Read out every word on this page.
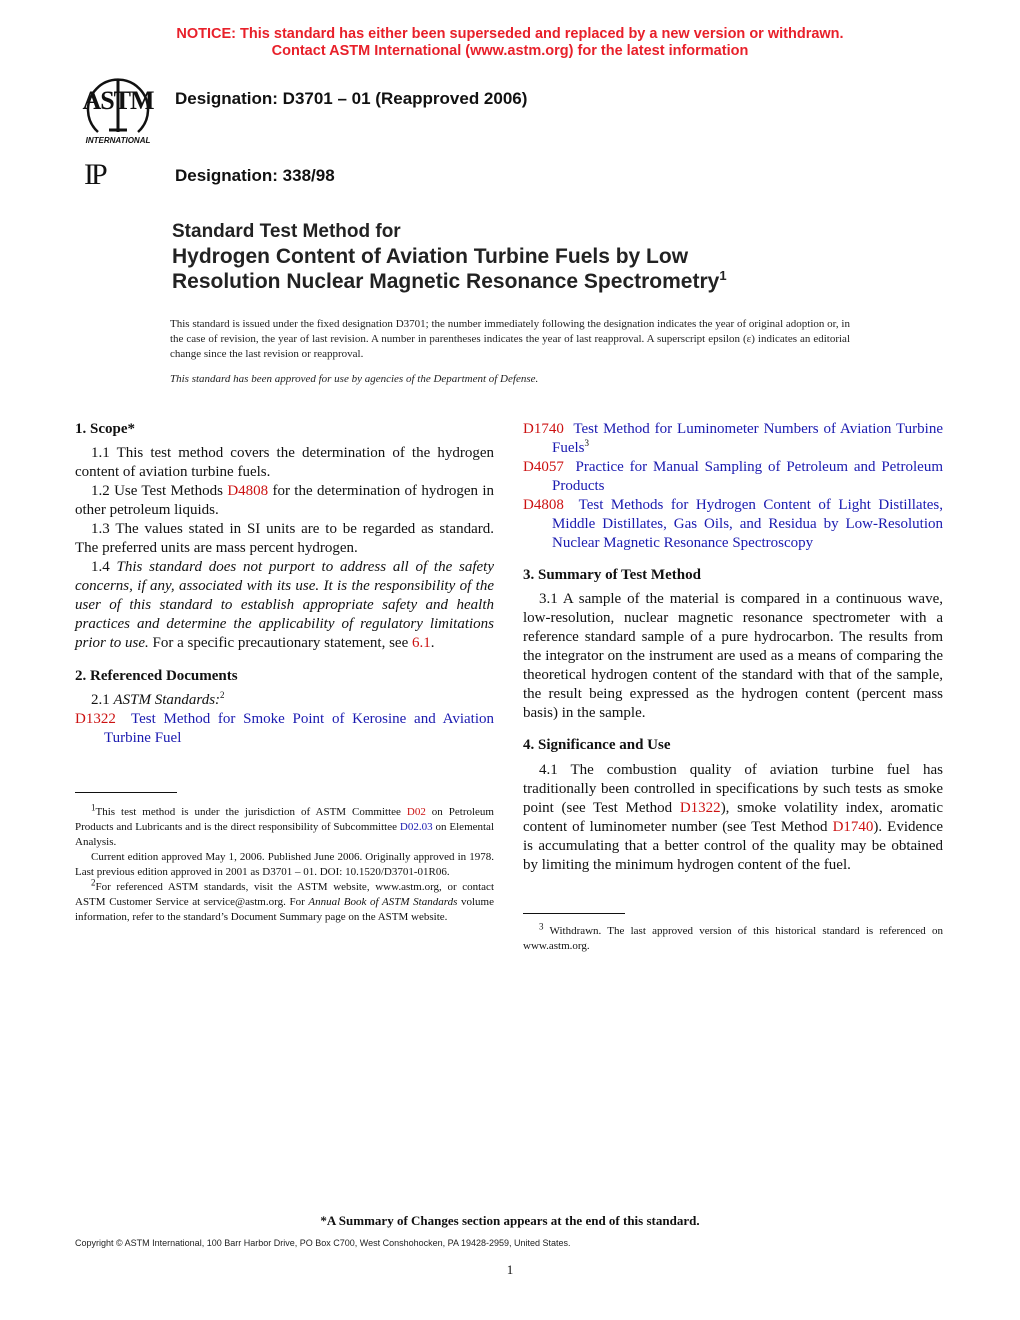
NOTICE: This standard has either been superseded and replaced by a new version or withdrawn.
Contact ASTM International (www.astm.org) for the latest information
ASTM
INTERNATIONAL
IP
Designation: D3701 – 01 (Reapproved 2006)
Designation: 338/98
Standard Test Method for
Hydrogen Content of Aviation Turbine Fuels by Low
Resolution Nuclear Magnetic Resonance Spectrometry$^1$
This standard is issued under the fixed designation D3701; the number immediately following the designation indicates the year of original adoption or, in the case of revision, the year of last revision. A number in parentheses indicates the year of last reapproval. A superscript epsilon (ε) indicates an editorial change since the last revision or reapproval.
This standard has been approved for use by agencies of the Department of Defense.

1. Scope*

1.1 This test method covers the determination of the hydrogen content of aviation turbine fuels.

1.2 Use Test Methods D4808 for the determination of hydrogen in other petroleum liquids.

1.3 The values stated in SI units are to be regarded as standard. The preferred units are mass percent hydrogen.

1.4 This standard does not purport to address all of the safety concerns, if any, associated with its use. It is the responsibility of the user of this standard to establish appropriate safety and health practices and determine the applicability of regulatory limitations prior to use. For a specific precautionary statement, see 6.1.

2. Referenced Documents

2.1 ASTM Standards:$^2$

D1322 Test Method for Smoke Point of Kerosine and Aviation Turbine Fuel

$^1$This test method is under the jurisdiction of ASTM Committee D02 on Petroleum Products and Lubricants and is the direct responsibility of Subcommittee D02.03 on Elemental Analysis.

Current edition approved May 1, 2006. Published June 2006. Originally approved in 1978. Last previous edition approved in 2001 as D3701 – 01. DOI: 10.1520/D3701-01R06.

$^2$For referenced ASTM standards, visit the ASTM website, www.astm.org, or contact ASTM Customer Service at service@astm.org. For Annual Book of ASTM Standards volume information, refer to the standard’s Document Summary page on the ASTM website.

D1740 Test Method for Luminometer Numbers of Aviation Turbine Fuels$^3$

D4057 Practice for Manual Sampling of Petroleum and Petroleum Products

D4808 Test Methods for Hydrogen Content of Light Distillates, Middle Distillates, Gas Oils, and Residua by Low-Resolution Nuclear Magnetic Resonance Spectroscopy

3. Summary of Test Method

3.1 A sample of the material is compared in a continuous wave, low-resolution, nuclear magnetic resonance spectrometer with a reference standard sample of a pure hydrocarbon. The results from the integrator on the instrument are used as a means of comparing the theoretical hydrogen content of the standard with that of the sample, the result being expressed as the hydrogen content (percent mass basis) in the sample.

4. Significance and Use

4.1 The combustion quality of aviation turbine fuel has traditionally been controlled in specifications by such tests as smoke point (see Test Method D1322), smoke volatility index, aromatic content of luminometer number (see Test Method D1740). Evidence is accumulating that a better control of the quality may be obtained by limiting the minimum hydrogen content of the fuel.

$^3$ Withdrawn. The last approved version of this historical standard is referenced on www.astm.org.

*A Summary of Changes section appears at the end of this standard.
Copyright © ASTM International, 100 Barr Harbor Drive, PO Box C700, West Conshohocken, PA 19428-2959, United States.
1
